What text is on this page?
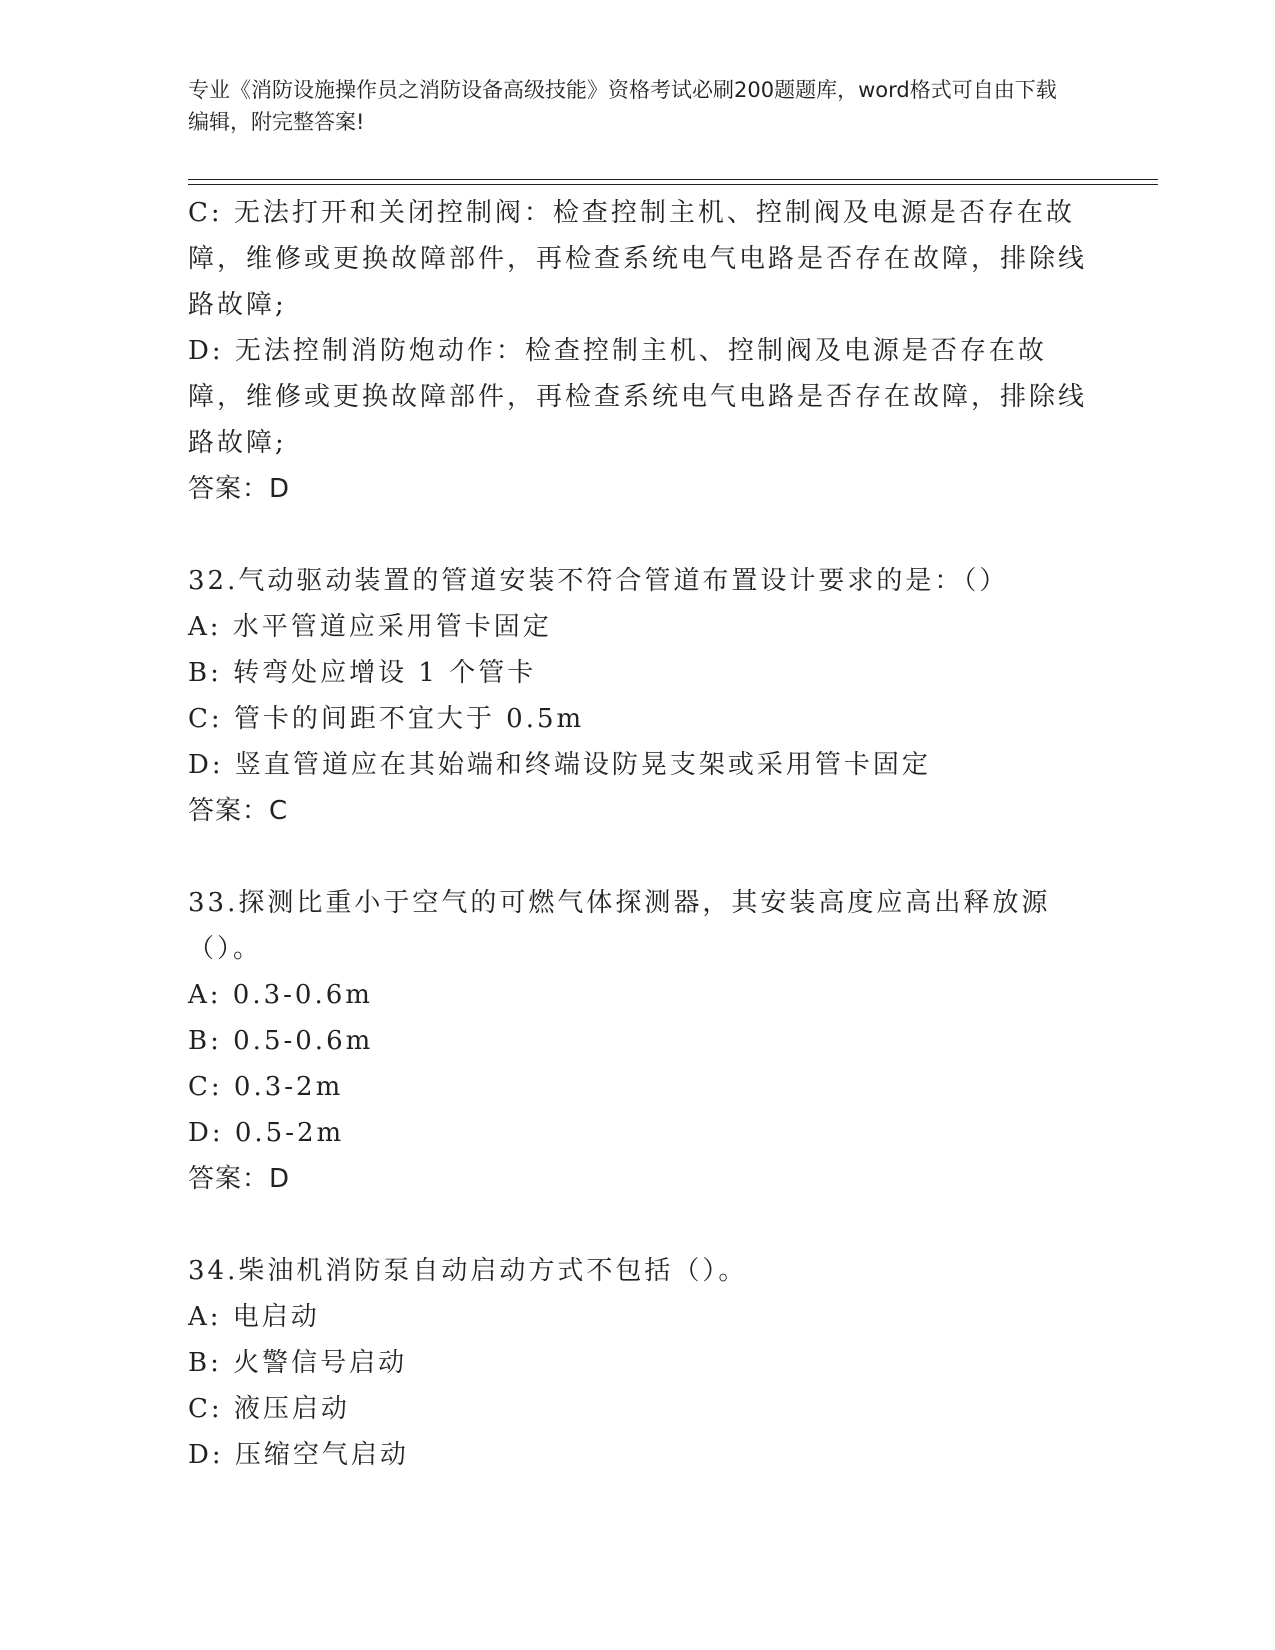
专业《消防设施操作员之消防设备高级技能》资格考试必刷200题题库，word格式可自由下载编辑，附完整答案!

C: 无法打开和关闭控制阀：检查控制主机、控制阀及电源是否存在故障，维修或更换故障部件，再检查系统电气电路是否存在故障，排除线路故障;

D: 无法控制消防炮动作：检查控制主机、控制阀及电源是否存在故障，维修或更换故障部件，再检查系统电气电路是否存在故障，排除线路故障;

答案：D

32.气动驱动装置的管道安装不符合管道布置设计要求的是：（）

A: 水平管道应采用管卡固定

B: 转弯处应增设 1 个管卡

C: 管卡的间距不宜大于 0.5m

D: 竖直管道应在其始端和终端设防晃支架或采用管卡固定

答案：C

33.探测比重小于空气的可燃气体探测器，其安装高度应高出释放源（）。

A: 0.3-0.6m

B: 0.5-0.6m

C: 0.3-2m

D: 0.5-2m

答案：D

34.柴油机消防泵自动启动方式不包括（）。

A: 电启动

B: 火警信号启动

C: 液压启动

D: 压缩空气启动
